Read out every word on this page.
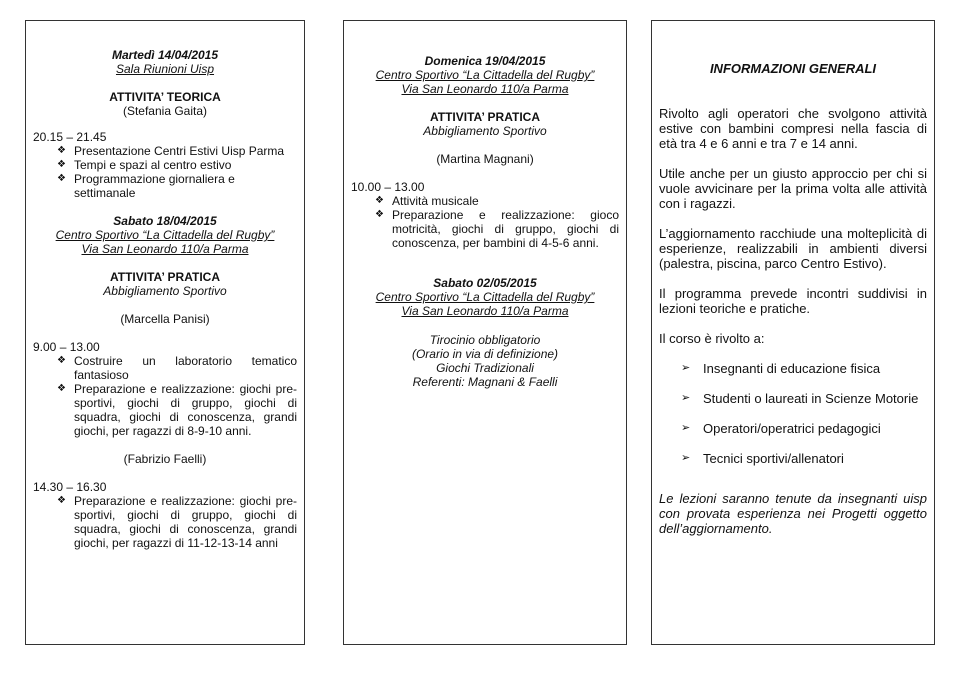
Martedì 14/04/2015
Sala Riunioni Uisp
ATTIVITA’ TEORICA
(Stefania Gaita)
20.15 – 21.45
❖ Presentazione Centri Estivi Uisp Parma
❖ Tempi e spazi al centro estivo
❖ Programmazione giornaliera e settimanale
Sabato 18/04/2015
Centro Sportivo “La Cittadella del Rugby”
Via San Leonardo 110/a Parma
ATTIVITA’ PRATICA
Abbigliamento Sportivo
(Marcella Panisi)
9.00 – 13.00
❖ Costruire un laboratorio tematico fantasioso
❖ Preparazione e realizzazione: giochi pre-sportivi, giochi di gruppo, giochi di squadra, giochi di conoscenza, grandi giochi, per ragazzi di 8-9-10 anni.
(Fabrizio Faelli)
14.30 – 16.30
❖ Preparazione e realizzazione: giochi pre-sportivi, giochi di gruppo, giochi di squadra, giochi di conoscenza, grandi giochi, per ragazzi di 11-12-13-14 anni
Domenica 19/04/2015
Centro Sportivo “La Cittadella del Rugby”
Via San Leonardo 110/a Parma
ATTIVITA’ PRATICA
Abbigliamento Sportivo
(Martina Magnani)
10.00 – 13.00
❖ Attività musicale
❖ Preparazione e realizzazione: gioco motricità, giochi di gruppo, giochi di conoscenza, per bambini di 4-5-6 anni.
Sabato 02/05/2015
Centro Sportivo “La Cittadella del Rugby”
Via San Leonardo 110/a Parma
Tirocinio obbligatorio
(Orario in via di definizione)
Giochi Tradizionali
Referenti: Magnani & Faelli
INFORMAZIONI GENERALI
Rivolto agli operatori che svolgono attività estive con bambini compresi nella fascia di età tra 4 e 6 anni e tra 7 e 14 anni.
Utile anche per un giusto approccio per chi si vuole avvicinare per la prima volta alle attività con i ragazzi.
L’aggiornamento racchiude una molteplicità di esperienze, realizzabili in ambienti diversi (palestra, piscina, parco Centro Estivo).
Il programma prevede incontri suddivisi in lezioni teoriche e pratiche.
Il corso è rivolto a:
➢ Insegnanti di educazione fisica
➢ Studenti o laureati in Scienze Motorie
➢ Operatori/operatrici pedagogici
➢ Tecnici sportivi/allenatori
Le lezioni saranno tenute da insegnanti uisp con provata esperienza nei Progetti oggetto dell’aggiornamento.
